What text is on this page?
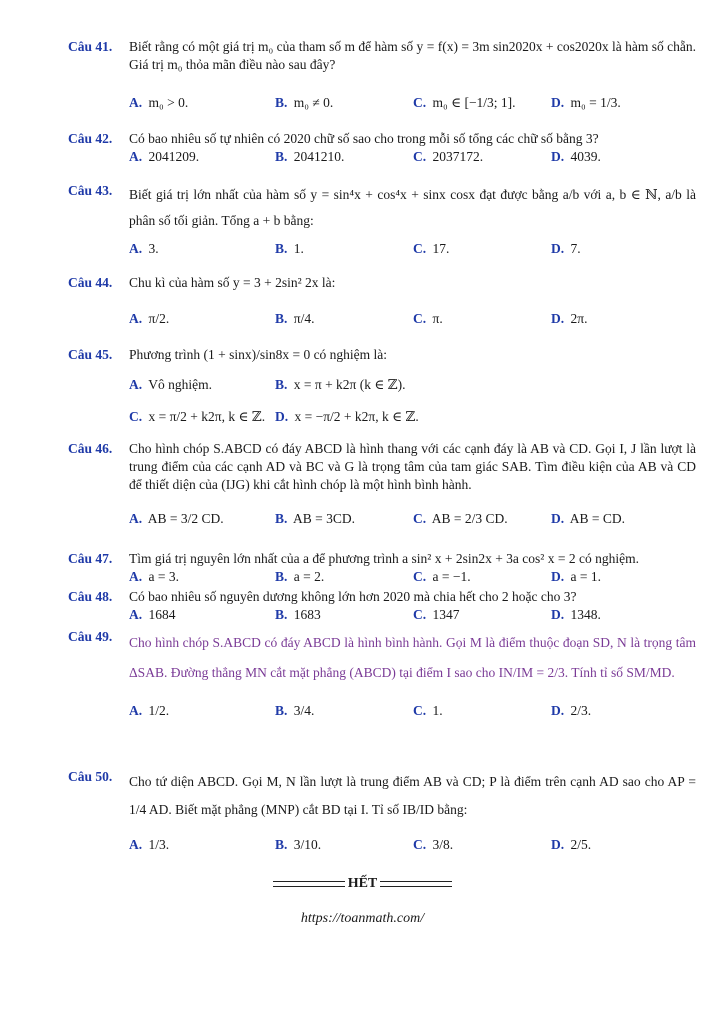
Câu 41. Biết rằng có một giá trị m₀ của tham số m để hàm số y = f(x) = 3m sin2020x + cos2020x là hàm số chẵn. Giá trị m₀ thỏa mãn điều nào sau đây?
A. m₀ > 0.	B. m₀ ≠ 0.	C. m₀ ∈ [−1/3; 1].	D. m₀ = 1/3.
Câu 42. Có bao nhiêu số tự nhiên có 2020 chữ số sao cho trong mỗi số tổng các chữ số bằng 3?
A. 2041209.	B. 2041210.	C. 2037172.	D. 4039.
Câu 43. Biết giá trị lớn nhất của hàm số y = sin⁴x + cos⁴x + sinx cosx đạt được bằng a/b với a, b ∈ ℕ, a/b là phân số tối giản. Tổng a + b bằng:
A. 3.	B. 1.	C. 17.	D. 7.
Câu 44. Chu kì của hàm số y = 3 + 2sin² 2x là:
A. π/2.	B. π/4.	C. π.	D. 2π.
Câu 45. Phương trình (1 + sinx)/sin8x = 0 có nghiệm là:
A. Vô nghiệm.	B. x = π + k2π (k ∈ ℤ).
C. x = π/2 + k2π, k ∈ ℤ. D. x = −π/2 + k2π, k ∈ ℤ.
Câu 46. Cho hình chóp S.ABCD có đáy ABCD là hình thang với các cạnh đáy là AB và CD. Gọi I, J lần lượt là trung điểm của các cạnh AD và BC và G là trọng tâm của tam giác SAB. Tìm điều kiện của AB và CD để thiết diện của (IJG) khi cắt hình chóp là một hình bình hành.
A. AB = 3/2 CD.	B. AB = 3CD.	C. AB = 2/3 CD.	D. AB = CD.
Câu 47. Tìm giá trị nguyên lớn nhất của a để phương trình a sin² x + 2sin2x + 3a cos² x = 2 có nghiệm.
A. a = 3.	B. a = 2.	C. a = −1.	D. a = 1.
Câu 48. Có bao nhiêu số nguyên dương không lớn hơn 2020 mà chia hết cho 2 hoặc cho 3?
A. 1684	B. 1683	C. 1347	D. 1348.
Câu 49. Cho hình chóp S.ABCD có đáy ABCD là hình bình hành. Gọi M là điểm thuộc đoạn SD, N là trọng tâm ΔSAB. Đường thẳng MN cắt mặt phẳng (ABCD) tại điểm I sao cho IN/IM = 2/3. Tính tỉ số SM/MD.
A. 1/2.	B. 3/4.	C. 1.	D. 2/3.
Câu 50. Cho tứ diện ABCD. Gọi M, N lần lượt là trung điểm AB và CD; P là điểm trên cạnh AD sao cho AP = 1/4 AD. Biết mặt phẳng (MNP) cắt BD tại I. Tỉ số IB/ID bằng:
A. 1/3.	B. 3/10.	C. 3/8.	D. 2/5.
HẾT
https://toanmath.com/
